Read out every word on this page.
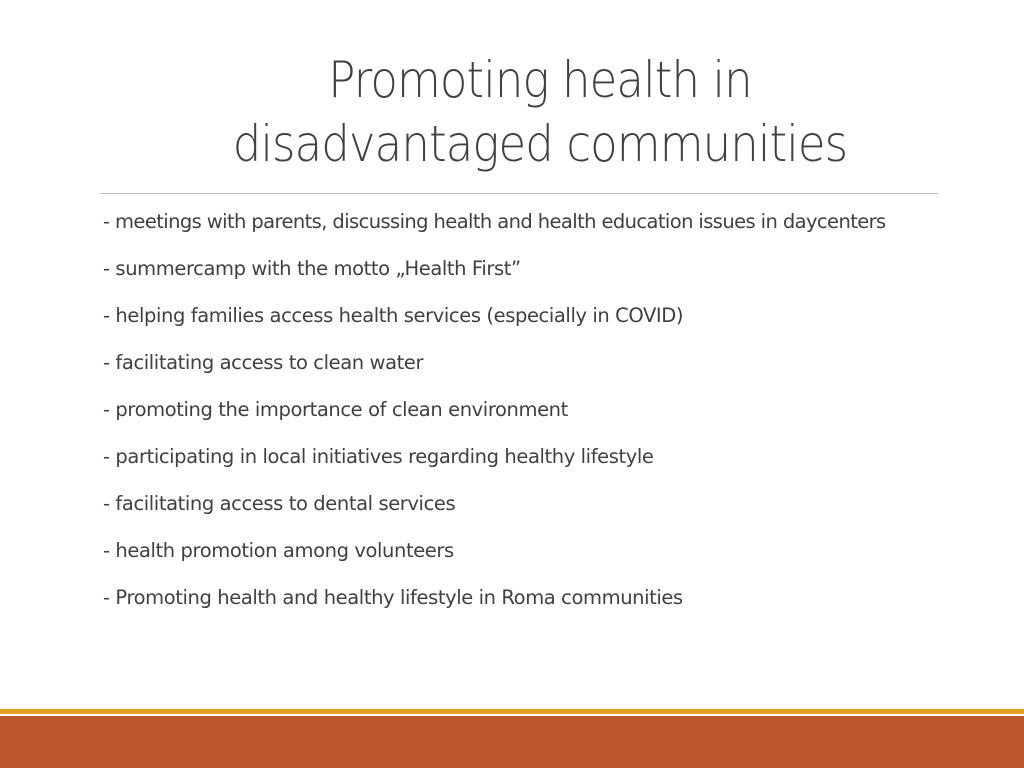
Promoting health in
disadvantaged communities
- meetings with parents, discussing health and health education issues in daycenters
- summercamp with the motto „Health First”
- helping families access health services (especially in COVID)
- facilitating access to clean water
- promoting the importance of clean environment
- participating in local initiatives regarding healthy lifestyle
- facilitating access to dental services
- health promotion among volunteers
- Promoting health and healthy lifestyle in Roma communities
